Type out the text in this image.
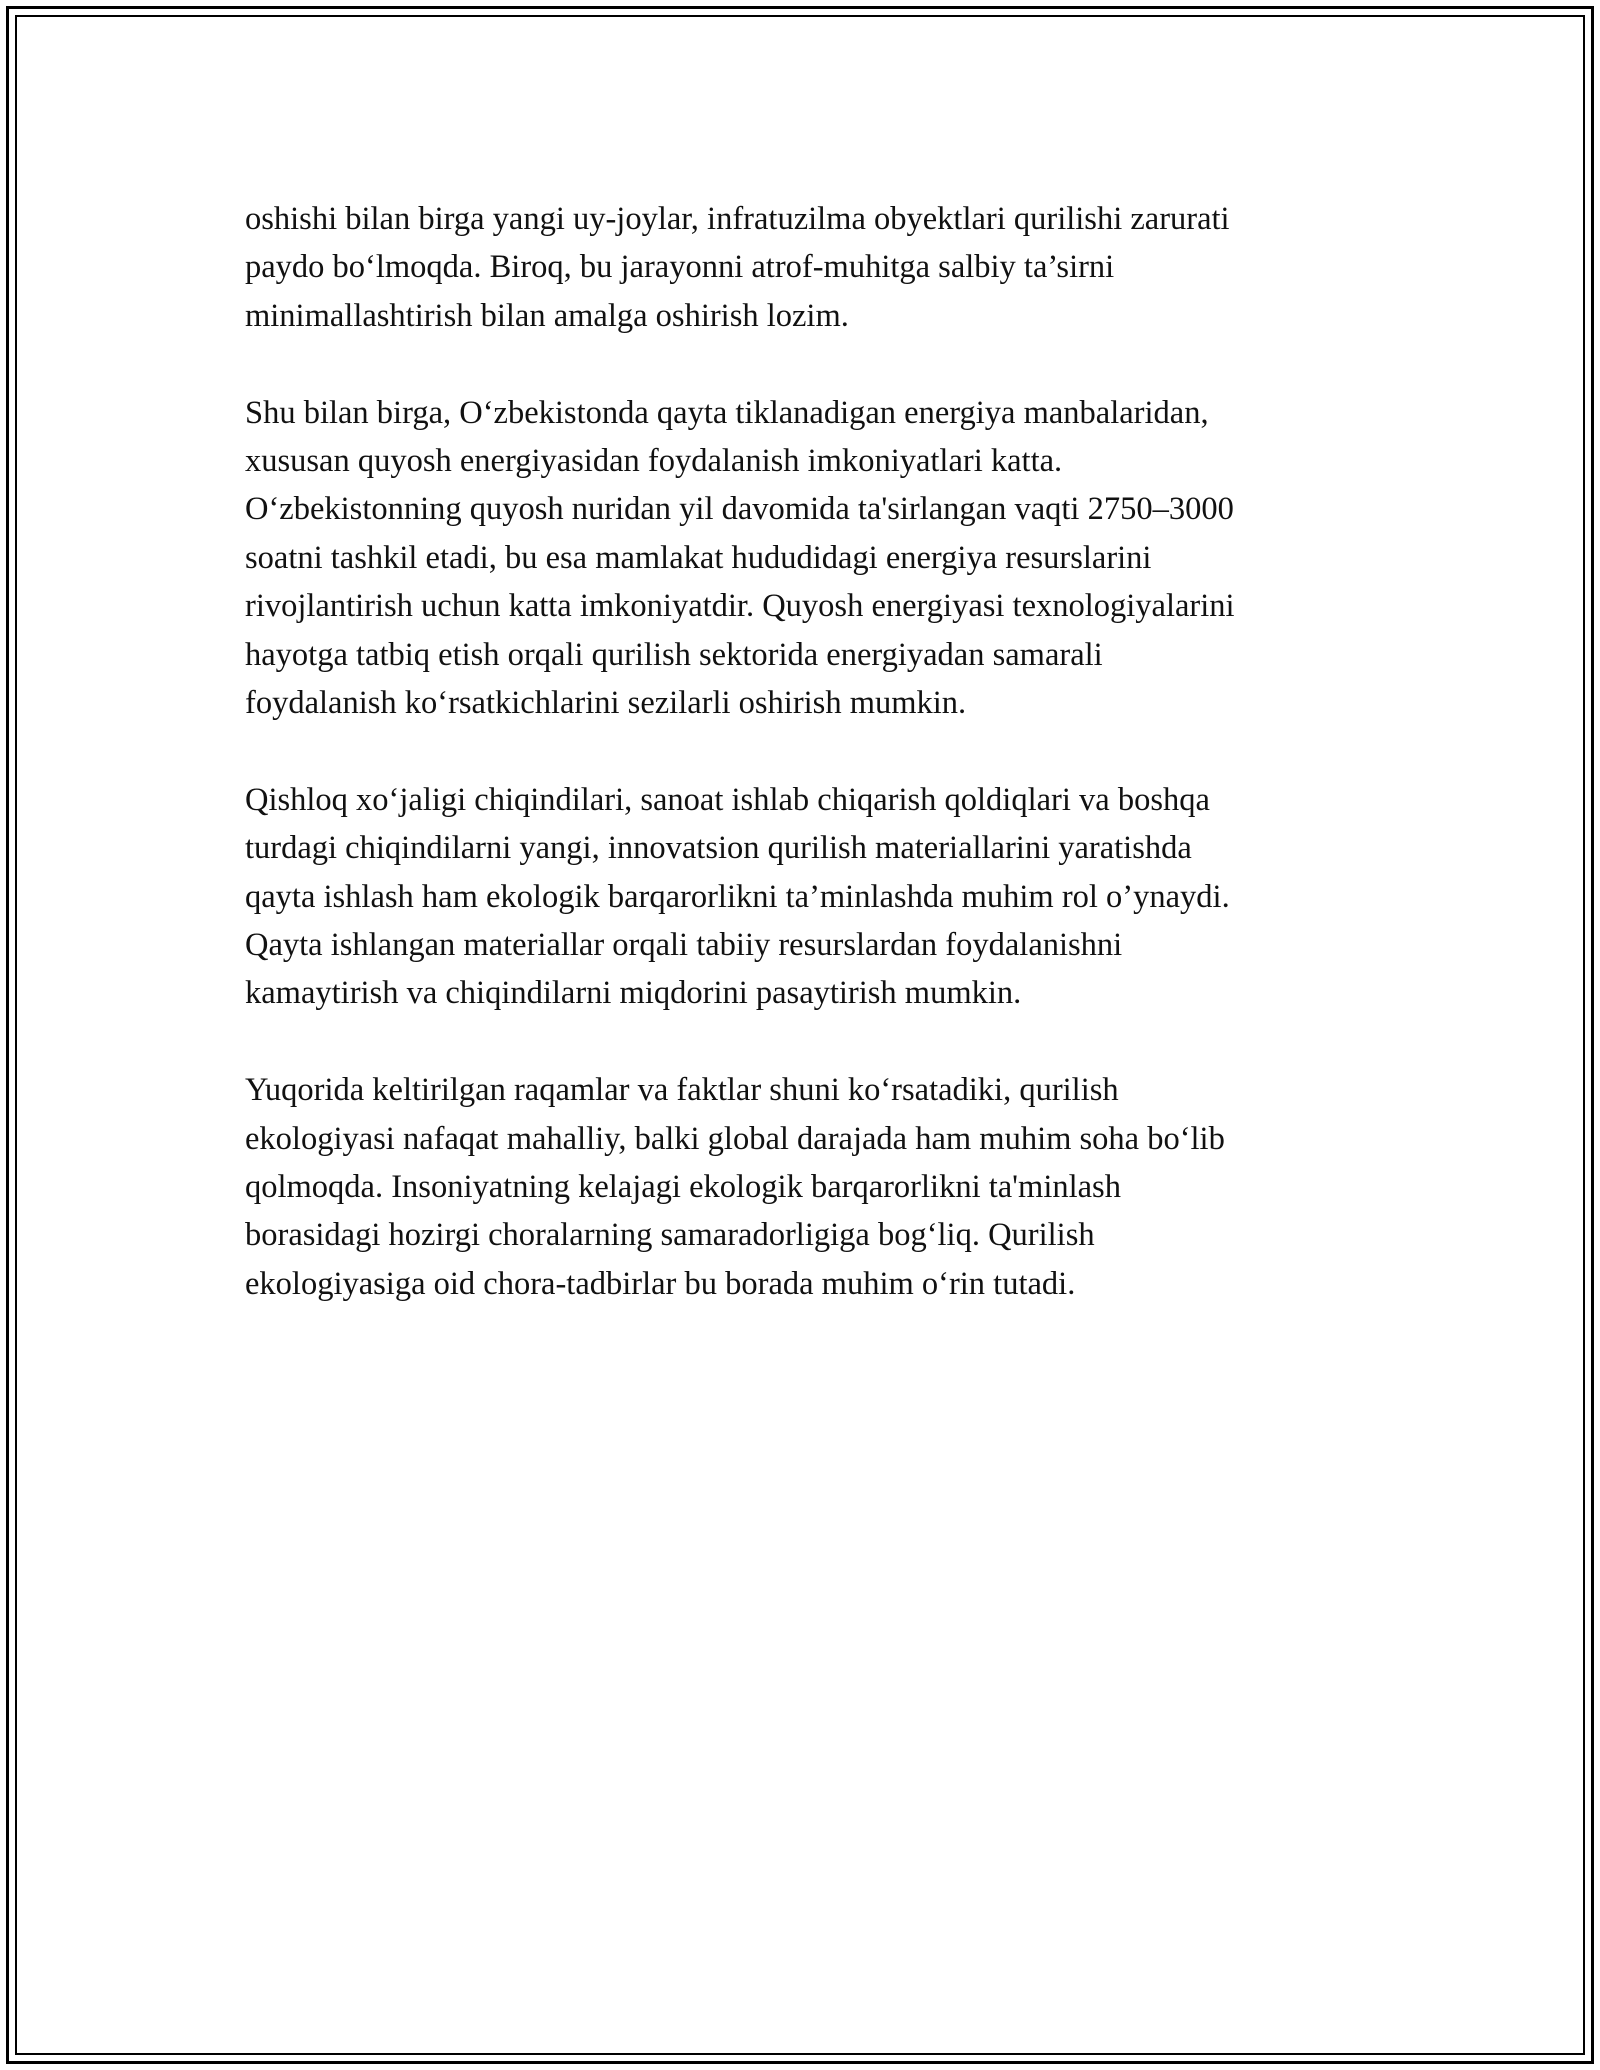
oshishi bilan birga yangi uy-joylar, infratuzilma obyektlari qurilishi zarurati
paydo bo‘lmoqda. Biroq, bu jarayonni atrof-muhitga salbiy ta’sirni
minimallashtirish bilan amalga oshirish lozim.

Shu bilan birga, O‘zbekistonda qayta tiklanadigan energiya manbalaridan,
xususan quyosh energiyasidan foydalanish imkoniyatlari katta.
O‘zbekistonning quyosh nuridan yil davomida ta'sirlangan vaqti 2750–3000
soatni tashkil etadi, bu esa mamlakat hududidagi energiya resurslarini
rivojlantirish uchun katta imkoniyatdir. Quyosh energiyasi texnologiyalarini
hayotga tatbiq etish orqali qurilish sektorida energiyadan samarali
foydalanish ko‘rsatkichlarini sezilarli oshirish mumkin.

Qishloq xo‘jaligi chiqindilari, sanoat ishlab chiqarish qoldiqlari va boshqa
turdagi chiqindilarni yangi, innovatsion qurilish materiallarini yaratishda
qayta ishlash ham ekologik barqarorlikni ta’minlashda muhim rol o’ynaydi.
Qayta ishlangan materiallar orqali tabiiy resurslardan foydalanishni
kamaytirish va chiqindilarni miqdorini pasaytirish mumkin.

Yuqorida keltirilgan raqamlar va faktlar shuni ko‘rsatadiki, qurilish
ekologiyasi nafaqat mahalliy, balki global darajada ham muhim soha bo‘lib
qolmoqda. Insoniyatning kelajagi ekologik barqarorlikni ta'minlash
borasidagi hozirgi choralarning samaradorligiga bog‘liq. Qurilish
ekologiyasiga oid chora-tadbirlar bu borada muhim o‘rin tutadi.
